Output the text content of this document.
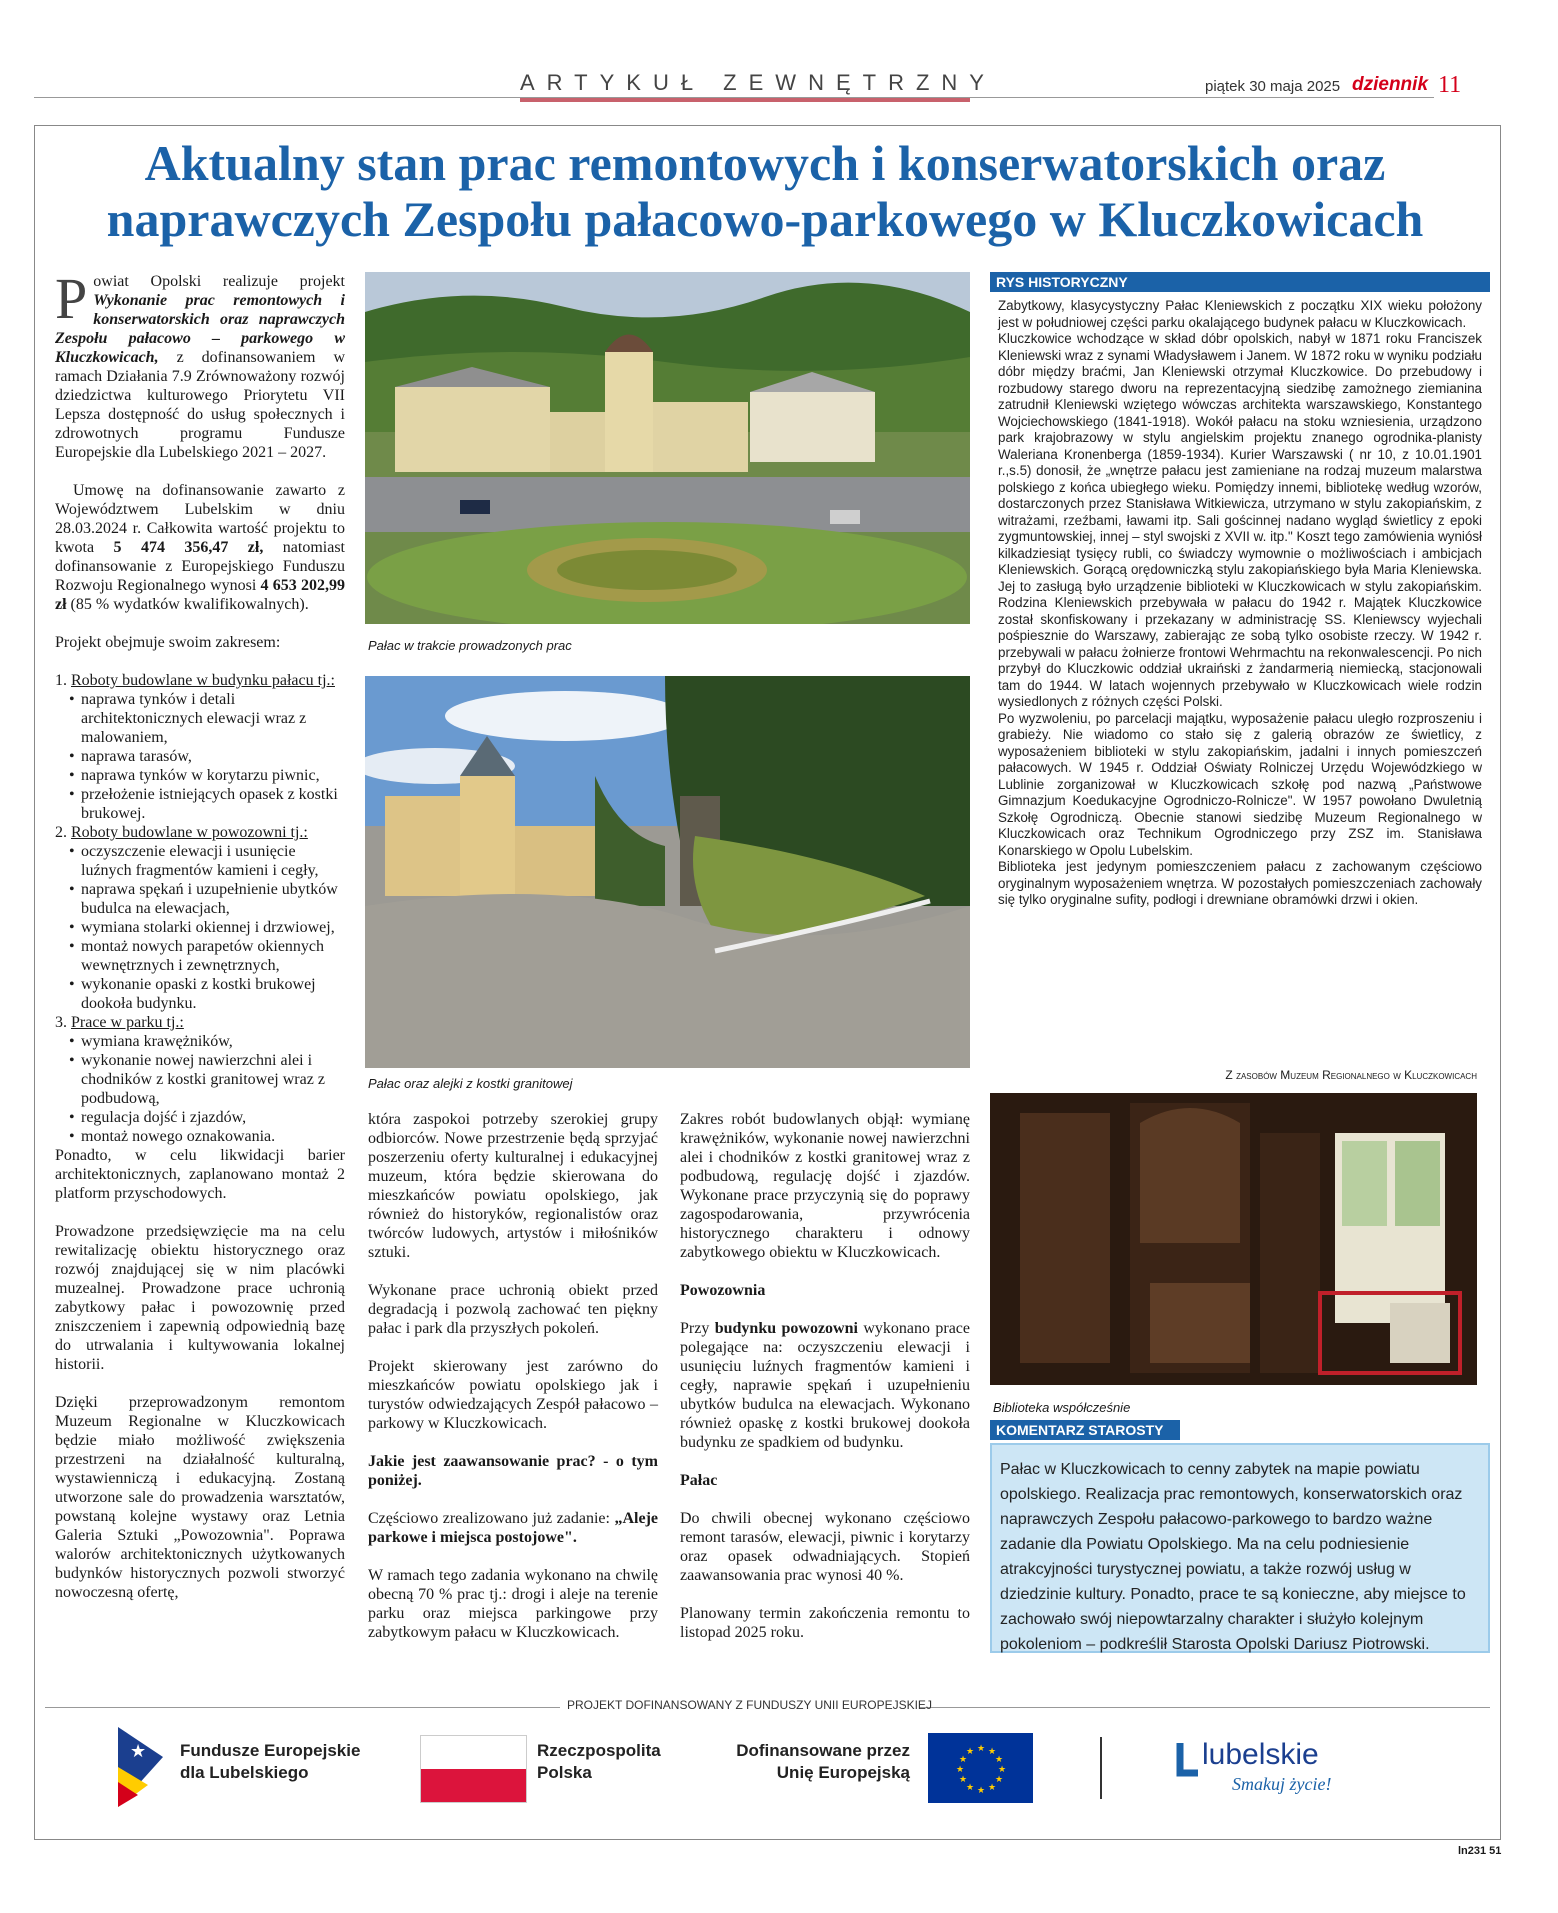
ARTYKUŁ ZEWNĘTRZNY	piątek 30 maja 2025 dziennik 11
Aktualny stan prac remontowych i konserwatorskich oraz naprawczych Zespołu pałacowo-parkowego w Kluczkowicach

Powiat Opolski realizuje projekt Wykonanie prac remontowych i konserwatorskich oraz naprawczych Zespołu pałacowo – parkowego w Kluczkowicach, z dofinansowaniem w ramach Działania 7.9 Zrównoważony rozwój dziedzictwa kulturowego Priorytetu VII Lepsza dostępność do usług społecznych i zdrowotnych programu Fundusze Europejskie dla Lubelskiego 2021 – 2027.

Umowę na dofinansowanie zawarto z Województwem Lubelskim w dniu 28.03.2024 r. Całkowita wartość projektu to kwota 5 474 356,47 zł, natomiast dofinansowanie z Europejskiego Funduszu Rozwoju Regionalnego wynosi 4 653 202,99 zł (85 % wydatków kwalifikowalnych).

Projekt obejmuje swoim zakresem:

1. Roboty budowlane w budynku pałacu tj.:
• naprawa tynków i detali architektonicznych elewacji wraz z malowaniem,
• naprawa tarasów,
• naprawa tynków w korytarzu piwnic,
• przełożenie istniejących opasek z kostki brukowej.
2. Roboty budowlane w powozowni tj.:
• oczyszczenie elewacji i usunięcie luźnych fragmentów kamieni i cegły,
• naprawa spękań i uzupełnienie ubytków budulca na elewacjach,
• wymiana stolarki okiennej i drzwiowej,
• montaż nowych parapetów okiennych wewnętrznych i zewnętrznych,
• wykonanie opaski z kostki brukowej dookoła budynku.
3. Prace w parku tj.:
• wymiana krawężników,
• wykonanie nowej nawierzchni alei i chodników z kostki granitowej wraz z podbudową,
• regulacja dojść i zjazdów,
• montaż nowego oznakowania.

Ponadto, w celu likwidacji barier architektonicznych, zaplanowano montaż 2 platform przyschodowych.

Prowadzone przedsięwzięcie ma na celu rewitalizację obiektu historycznego oraz rozwój znajdującej się w nim placówki muzealnej. Prowadzone prace uchronią zabytkowy pałac i powozownię przed zniszczeniem i zapewnią odpowiednią bazę do utrwalania i kultywowania lokalnej historii.

Dzięki przeprowadzonym remontom Muzeum Regionalne w Kluczkowicach będzie miało możliwość zwiększenia przestrzeni na działalność kulturalną, wystawienniczą i edukacyjną. Zostaną utworzone sale do prowadzenia warsztatów, powstaną kolejne wystawy oraz Letnia Galeria Sztuki „Powozownia". Poprawa walorów architektonicznych użytkowanych budynków historycznych pozwoli stworzyć nowoczesną ofertę,

Pałac w trakcie prowadzonych prac
Pałac oraz alejki z kostki granitowej

która zaspokoi potrzeby szerokiej grupy odbiorców. Nowe przestrzenie będą sprzyjać poszerzeniu oferty kulturalnej i edukacyjnej muzeum, która będzie skierowana do mieszkańców powiatu opolskiego, jak również do historyków, regionalistów oraz twórców ludowych, artystów i miłośników sztuki.

Wykonane prace uchronią obiekt przed degradacją i pozwolą zachować ten piękny pałac i park dla przyszłych pokoleń.

Projekt skierowany jest zarówno do mieszkańców powiatu opolskiego jak i turystów odwiedzających Zespół pałacowo – parkowy w Kluczkowicach.

Jakie jest zaawansowanie prac? - o tym poniżej.

Częściowo zrealizowano już zadanie: „Aleje parkowe i miejsca postojowe".

W ramach tego zadania wykonano na chwilę obecną 70 % prac tj.: drogi i aleje na terenie parku oraz miejsca parkingowe przy zabytkowym pałacu w Kluczkowicach.

Zakres robót budowlanych objął: wymianę krawężników, wykonanie nowej nawierzchni alei i chodników z kostki granitowej wraz z podbudową, regulację dojść i zjazdów. Wykonane prace przyczynią się do poprawy zagospodarowania, przywrócenia historycznego charakteru i odnowy zabytkowego obiektu w Kluczkowicach.

Powozownia

Przy budynku powozowni wykonano prace polegające na: oczyszczeniu elewacji i usunięciu luźnych fragmentów kamieni i cegły, naprawie spękań i uzupełnieniu ubytków budulca na elewacjach. Wykonano również opaskę z kostki brukowej dookoła budynku ze spadkiem od budynku.

Pałac

Do chwili obecnej wykonano częściowo remont tarasów, elewacji, piwnic i korytarzy oraz opasek odwadniających. Stopień zaawansowania prac wynosi 40 %.

Planowany termin zakończenia remontu to listopad 2025 roku.

RYS HISTORYCZNY
Zabytkowy, klasycystyczny Pałac Kleniewskich z początku XIX wieku położony jest w południowej części parku okalającego budynek pałacu w Kluczkowicach.
Kluczkowice wchodzące w skład dóbr opolskich, nabył w 1871 roku Franciszek Kleniewski wraz z synami Władysławem i Janem. W 1872 roku w wyniku podziału dóbr między braćmi, Jan Kleniewski otrzymał Kluczkowice. Do przebudowy i rozbudowy starego dworu na reprezentacyjną siedzibę zamożnego ziemianina zatrudnił Kleniewski wziętego wówczas architekta warszawskiego, Konstantego Wojciechowskiego (1841-1918). Wokół pałacu na stoku wzniesienia, urządzono park krajobrazowy w stylu angielskim projektu znanego ogrodnika-planisty Waleriana Kronenberga (1859-1934). Kurier Warszawski ( nr 10, z 10.01.1901 r.,s.5) donosił, że „wnętrze pałacu jest zamieniane na rodzaj muzeum malarstwa polskiego z końca ubiegłego wieku. Pomiędzy innemi, bibliotekę według wzorów, dostarczonych przez Stanisława Witkiewicza, utrzymano w stylu zakopiańskim, z witrażami, rzeźbami, ławami itp. Sali gościnnej nadano wygląd świetlicy z epoki zygmuntowskiej, innej – styl swojski z XVII w. itp." Koszt tego zamówienia wyniósł kilkadziesiąt tysięcy rubli, co świadczy wymownie o możliwościach i ambicjach Kleniewskich. Gorącą orędowniczką stylu zakopiańskiego była Maria Kleniewska. Jej to zasługą było urządzenie biblioteki w Kluczkowicach w stylu zakopiańskim. Rodzina Kleniewskich przebywała w pałacu do 1942 r. Majątek Kluczkowice został skonfiskowany i przekazany w administrację SS. Kleniewscy wyjechali pośpiesznie do Warszawy, zabierając ze sobą tylko osobiste rzeczy. W 1942 r. przebywali w pałacu żołnierze frontowi Wehrmachtu na rekonwalescencji. Po nich przybył do Kluczkowic oddział ukraiński z żandarmerią niemiecką, stacjonowali tam do 1944. W latach wojennych przebywało w Kluczkowicach wiele rodzin wysiedlonych z różnych części Polski.
Po wyzwoleniu, po parcelacji majątku, wyposażenie pałacu uległo rozproszeniu i grabieży. Nie wiadomo co stało się z galerią obrazów ze świetlicy, z wyposażeniem biblioteki w stylu zakopiańskim, jadalni i innych pomieszczeń pałacowych. W 1945 r. Oddział Oświaty Rolniczej Urzędu Wojewódzkiego w Lublinie zorganizował w Kluczkowicach szkołę pod nazwą „Państwowe Gimnazjum Koedukacyjne Ogrodniczo-Rolnicze". W 1957 powołano Dwuletnią Szkołę Ogrodniczą. Obecnie stanowi siedzibę Muzeum Regionalnego w Kluczkowicach oraz Technikum Ogrodniczego przy ZSZ im. Stanisława Konarskiego w Opolu Lubelskim.
Biblioteka jest jedynym pomieszczeniem pałacu z zachowanym częściowo oryginalnym wyposażeniem wnętrza. W pozostałych pomieszczeniach zachowały się tylko oryginalne sufity, podłogi i drewniane obramówki drzwi i okien.
Z zasobów Muzeum Regionalnego w Kluczkowicach
Biblioteka współcześnie
KOMENTARZ STAROSTY
Pałac w Kluczkowicach to cenny zabytek na mapie powiatu opolskiego. Realizacja prac remontowych, konserwatorskich oraz naprawczych Zespołu pałacowo-parkowego to bardzo ważne zadanie dla Powiatu Opolskiego. Ma na celu podniesienie atrakcyjności turystycznej powiatu, a także rozwój usług w dziedzinie kultury. Ponadto, prace te są konieczne, aby miejsce to zachowało swój niepowtarzalny charakter i służyło kolejnym pokoleniom – podkreślił Starosta Opolski Dariusz Piotrowski.
PROJEKT DOFINANSOWANY Z FUNDUSZY UNII EUROPEJSKIEJ
★ Fundusze Europejskie
dla Lubelskiego
Rzeczpospolita
Polska
Dofinansowane przez
Unię Europejską
★ ★
★
★
★
★
★
★
★
★
★
★	lubelskie
Smakuj życie!
ln231 51
